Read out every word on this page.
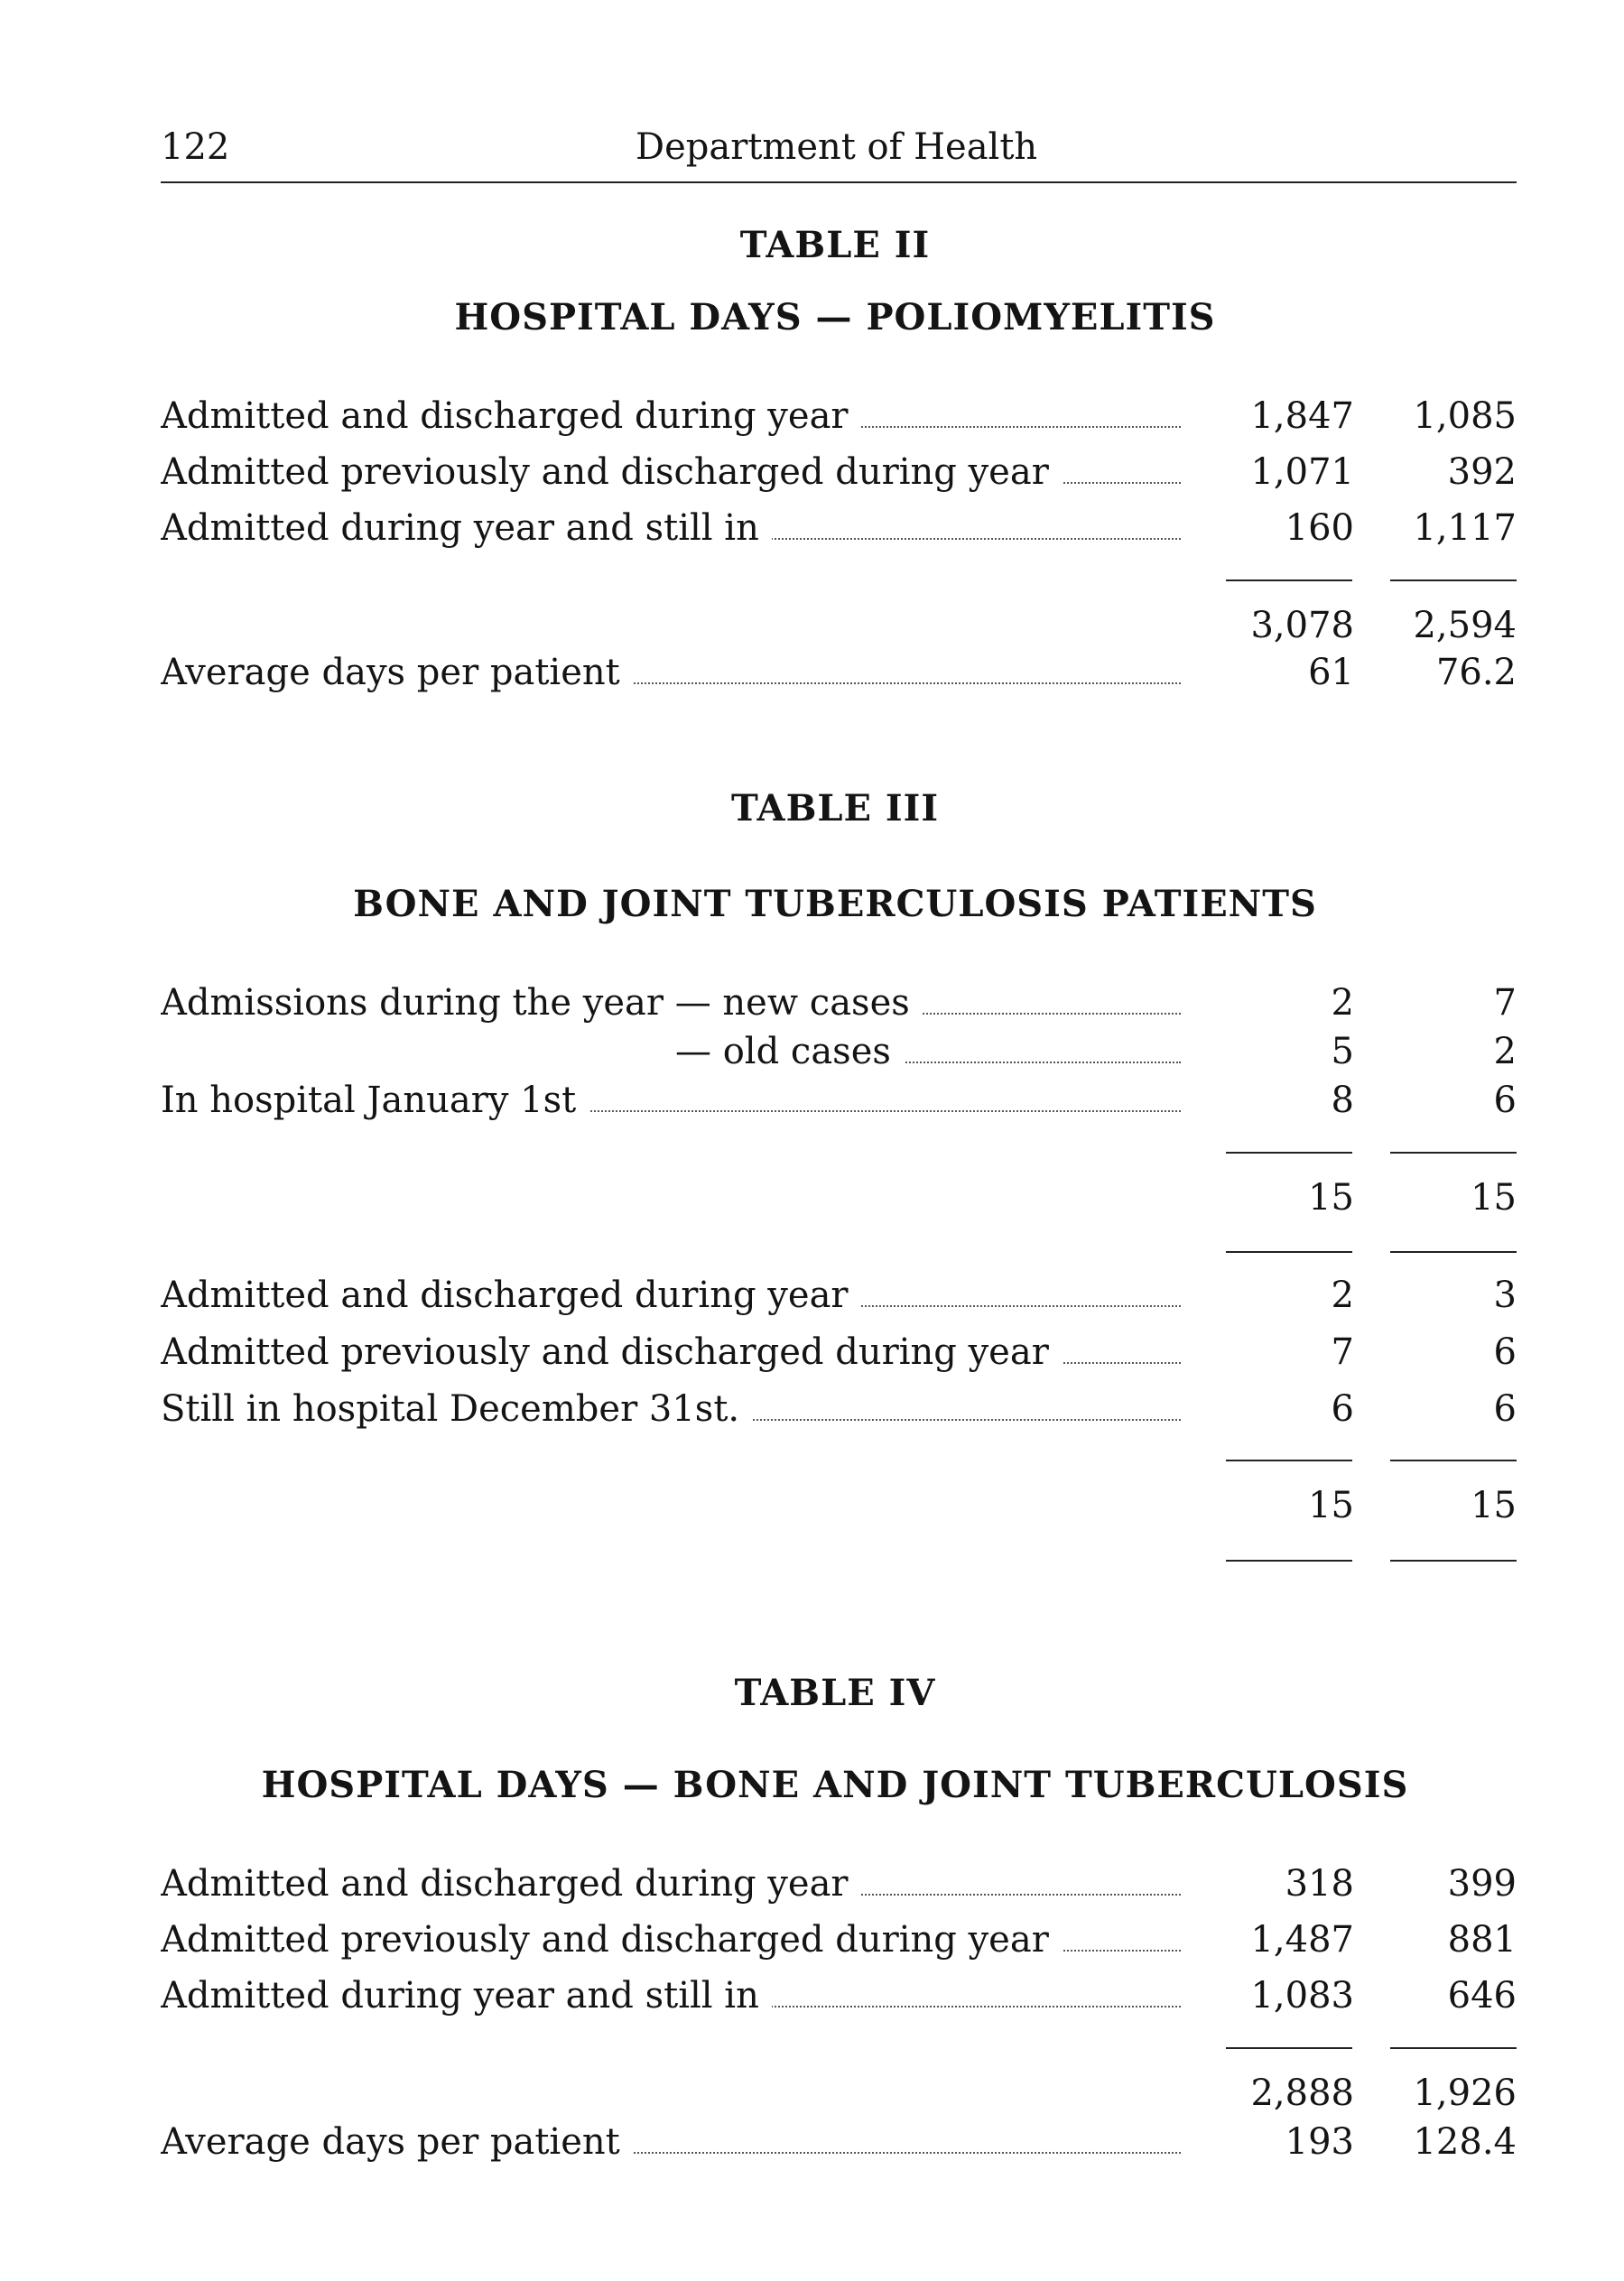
122	Department of Health
TABLE II
HOSPITAL DAYS — POLIOMYELITIS
Admitted and discharged during year	1,847 1,085
Admitted previously and discharged during year	1,071	392
Admitted during year and still in	160 1,117
3,078 2,594
Average days per patient	61 76.2
TABLE III
BONE AND JOINT TUBERCULOSIS PATIENTS
Admissions during the year — new cases	2	7
— old cases	5	2
In hospital January 1st	8	6
15	15
Admitted and discharged during year	2	3
Admitted previously and discharged during year	7	6
Still in hospital December 31st.	6	6
15	15
TABLE IV
HOSPITAL DAYS — BONE AND JOINT TUBERCULOSIS
Admitted and discharged during year	318	399
Admitted previously and discharged during year	1,487	881
Admitted during year and still in	1,083	646
2,888 1,926
Average days per patient	193 128.4
